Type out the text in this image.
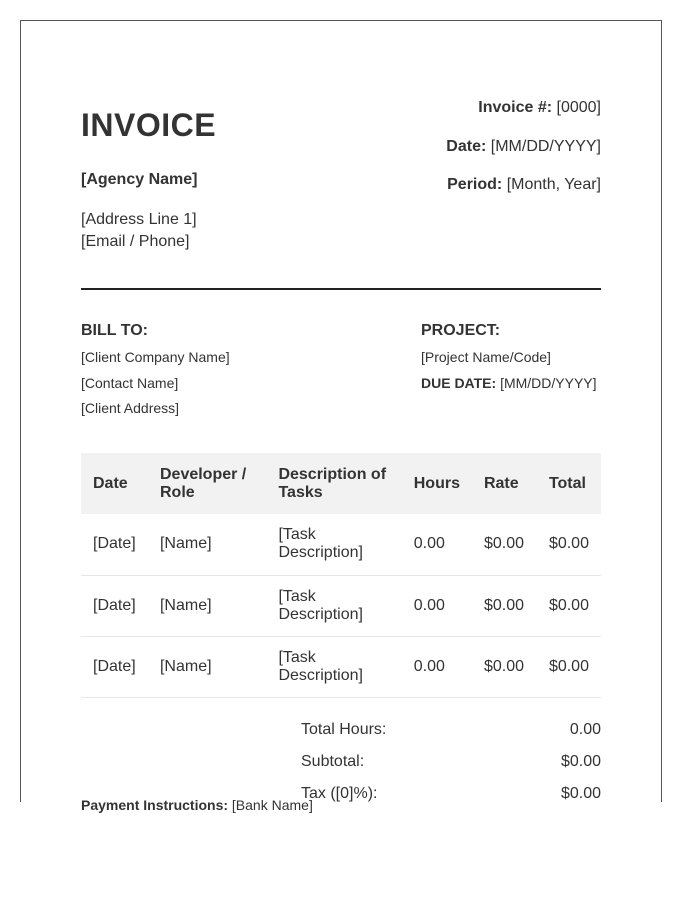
INVOICE
[Agency Name]
[Address Line 1]
[Email / Phone]
Invoice #: [0000]
Date: [MM/DD/YYYY]
Period: [Month, Year]
BILL TO:
[Client Company Name]
[Contact Name]
[Client Address]
PROJECT:
[Project Name/Code]
DUE DATE: [MM/DD/YYYY]
Date	Developer / Role	Description of Tasks	Hours	Rate	Total
[Date]	[Name]	[Task Description]	0.00	$0.00	$0.00
[Date]	[Name]	[Task Description]	0.00	$0.00	$0.00
[Date]	[Name]	[Task Description]	0.00	$0.00	$0.00
Payment Instructions: [Bank Name]
Total Hours:	0.00
Subtotal:	$0.00
Tax ([0]%):	$0.00
